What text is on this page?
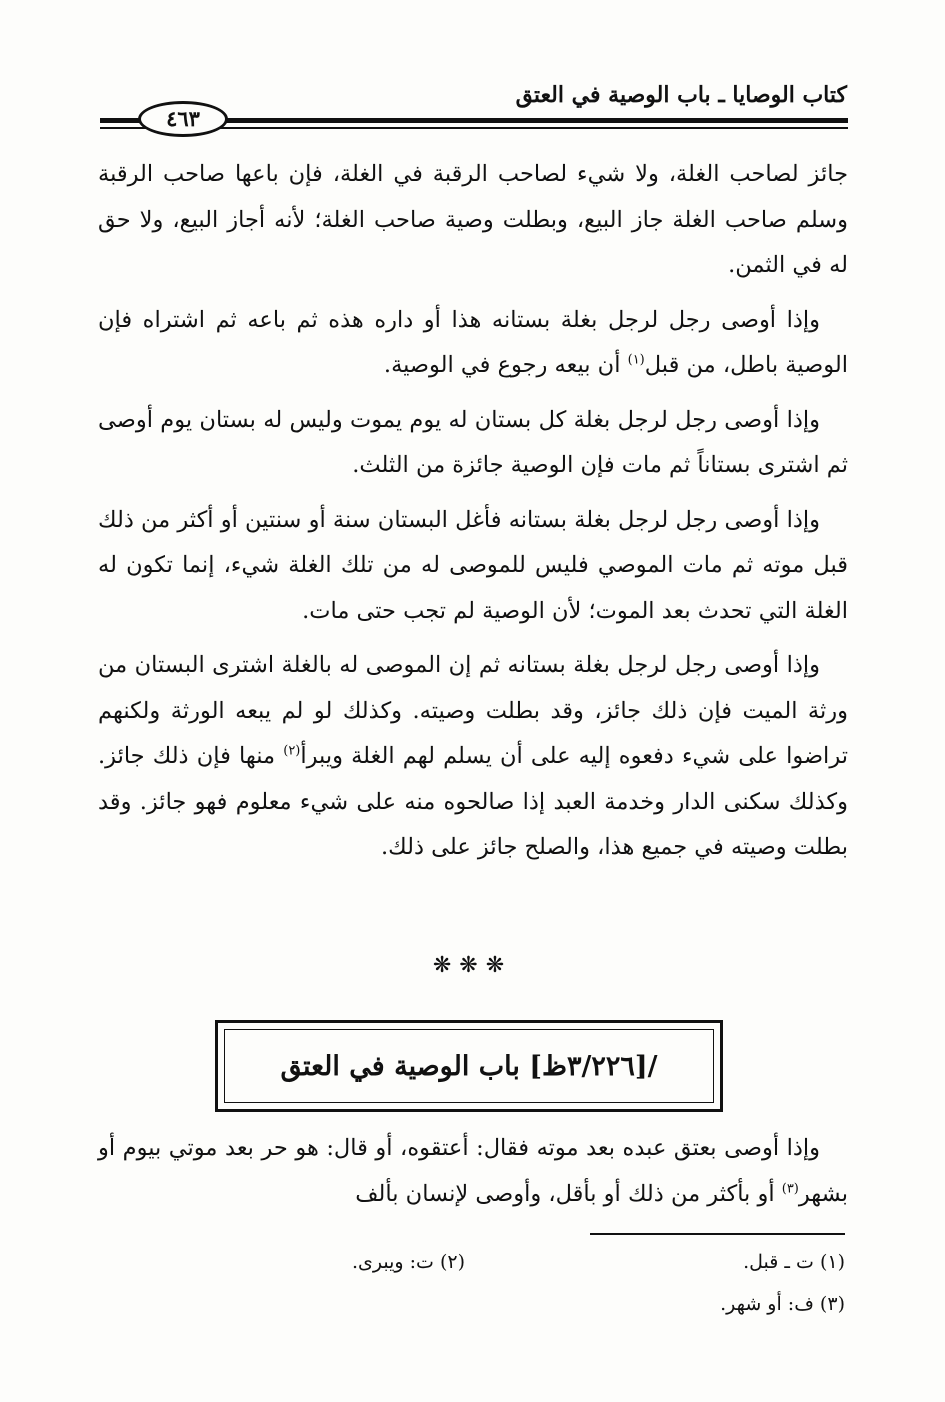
كتاب الوصايا ـ باب الوصية في العتق
٤٦٣

جائز لصاحب الغلة، ولا شيء لصاحب الرقبة في الغلة، فإن باعها صاحب الرقبة وسلم صاحب الغلة جاز البيع، وبطلت وصية صاحب الغلة؛ لأنه أجاز البيع، ولا حق له في الثمن.

وإذا أوصى رجل لرجل بغلة بستانه هذا أو داره هذه ثم باعه ثم اشتراه فإن الوصية باطل، من قبل$^{(١)}$ أن بيعه رجوع في الوصية.

وإذا أوصى رجل لرجل بغلة كل بستان له يوم يموت وليس له بستان يوم أوصى ثم اشترى بستاناً ثم مات فإن الوصية جائزة من الثلث.

وإذا أوصى رجل لرجل بغلة بستانه فأغل البستان سنة أو سنتين أو أكثر من ذلك قبل موته ثم مات الموصي فليس للموصى له من تلك الغلة شيء، إنما تكون له الغلة التي تحدث بعد الموت؛ لأن الوصية لم تجب حتى مات.

وإذا أوصى رجل لرجل بغلة بستانه ثم إن الموصى له بالغلة اشترى البستان من ورثة الميت فإن ذلك جائز، وقد بطلت وصيته. وكذلك لو لم يبعه الورثة ولكنهم تراضوا على شيء دفعوه إليه على أن يسلم لهم الغلة ويبرأ$^{(٢)}$ منها فإن ذلك جائز. وكذلك سكنى الدار وخدمة العبد إذا صالحوه منه على شيء معلوم فهو جائز. وقد بطلت وصيته في جميع هذا، والصلح جائز على ذلك.

❋❋❋
/[٣/٢٢٦ظ] باب الوصية في العتق

وإذا أوصى بعتق عبده بعد موته فقال: أعتقوه، أو قال: هو حر بعد موتي بيوم أو بشهر$^{(٣)}$ أو بأكثر من ذلك أو بأقل، وأوصى لإنسان بألف

(١) ت ـ قبل.
(٢) ت: ويبرى.
(٣) ف: أو شهر.
